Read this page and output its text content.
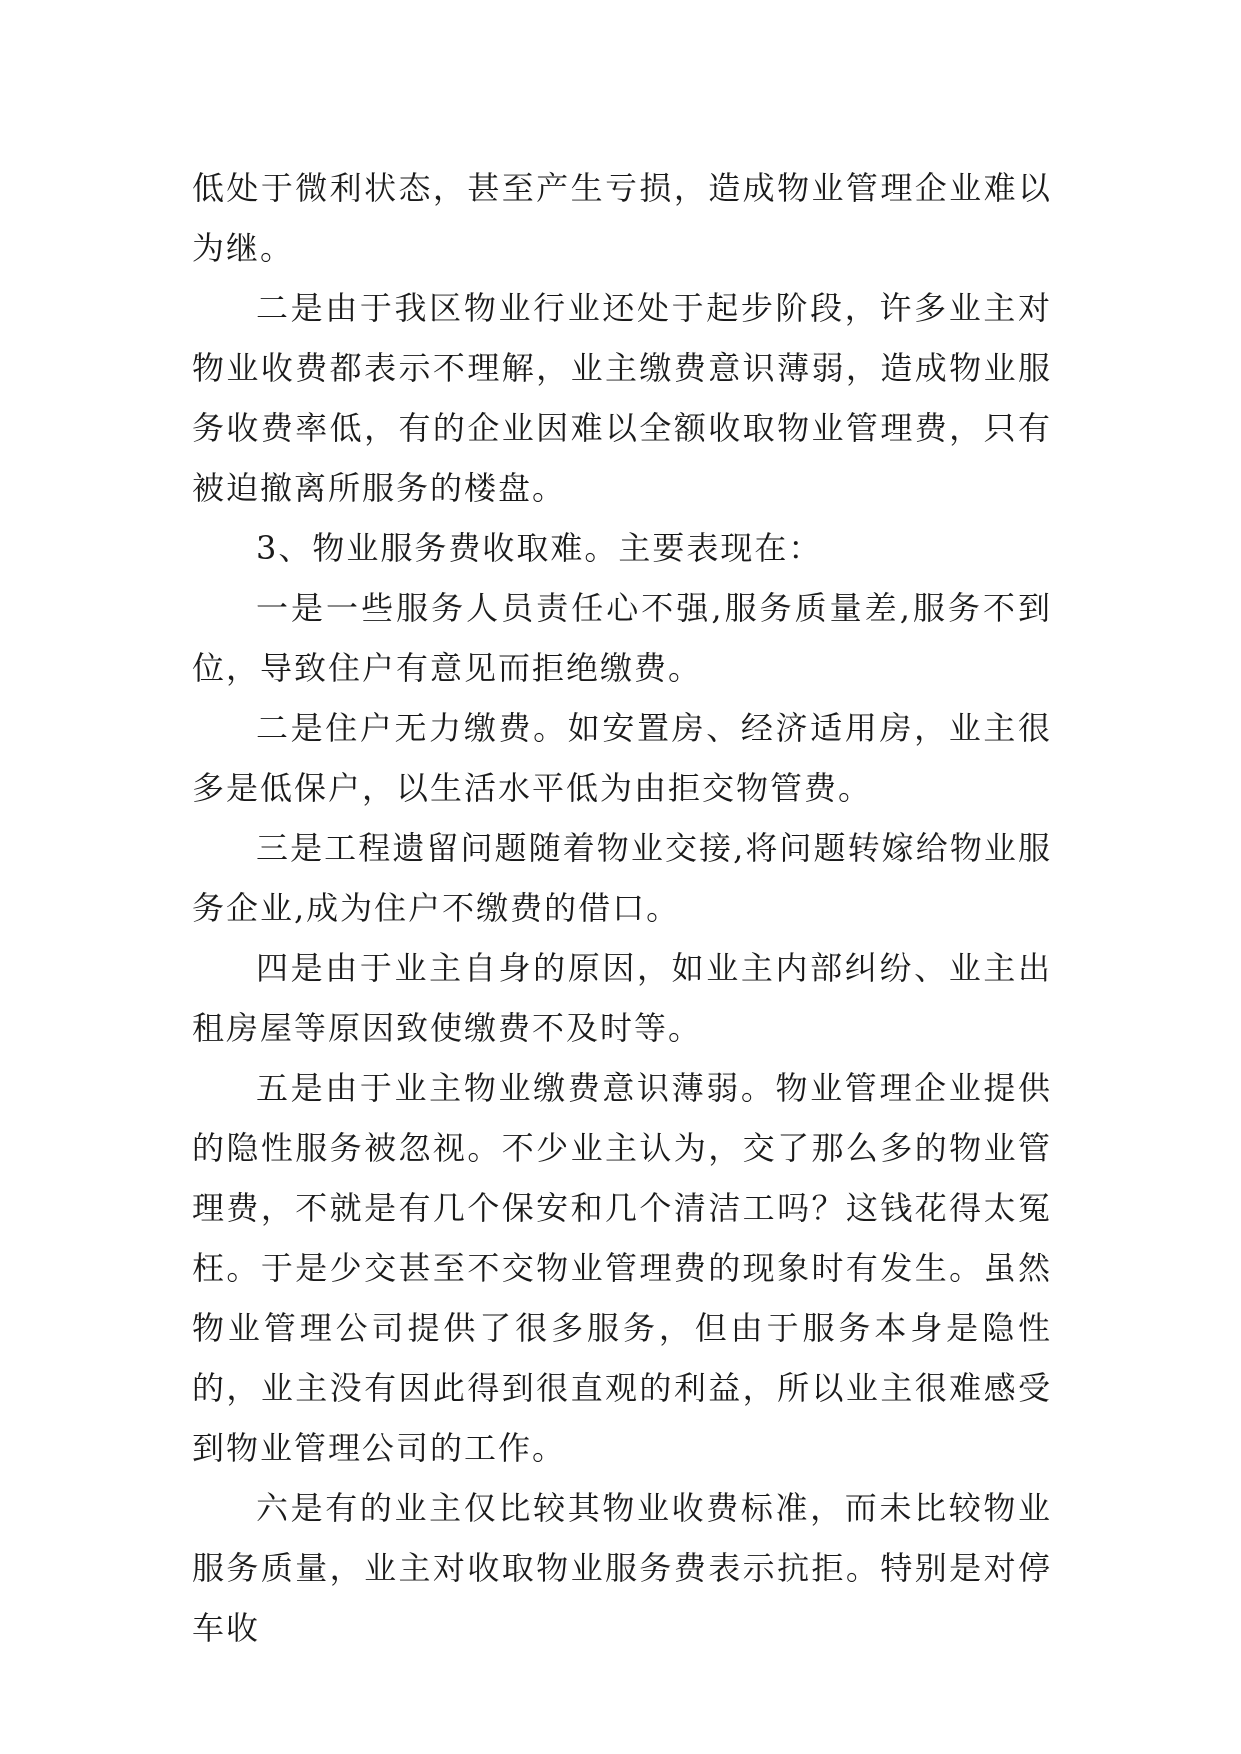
低处于微利状态，甚至产生亏损，造成物业管理企业难以为继。

二是由于我区物业行业还处于起步阶段，许多业主对物业收费都表示不理解，业主缴费意识薄弱，造成物业服务收费率低，有的企业因难以全额收取物业管理费，只有被迫撤离所服务的楼盘。

3、物业服务费收取难。主要表现在：

一是一些服务人员责任心不强,服务质量差,服务不到位，导致住户有意见而拒绝缴费。

二是住户无力缴费。如安置房、经济适用房，业主很多是低保户，以生活水平低为由拒交物管费。

三是工程遗留问题随着物业交接,将问题转嫁给物业服务企业,成为住户不缴费的借口。

四是由于业主自身的原因，如业主内部纠纷、业主出租房屋等原因致使缴费不及时等。

五是由于业主物业缴费意识薄弱。物业管理企业提供的隐性服务被忽视。不少业主认为，交了那么多的物业管理费，不就是有几个保安和几个清洁工吗？这钱花得太冤枉。于是少交甚至不交物业管理费的现象时有发生。虽然物业管理公司提供了很多服务，但由于服务本身是隐性的，业主没有因此得到很直观的利益，所以业主很难感受到物业管理公司的工作。

六是有的业主仅比较其物业收费标准，而未比较物业服务质量，业主对收取物业服务费表示抗拒。特别是对停车收
